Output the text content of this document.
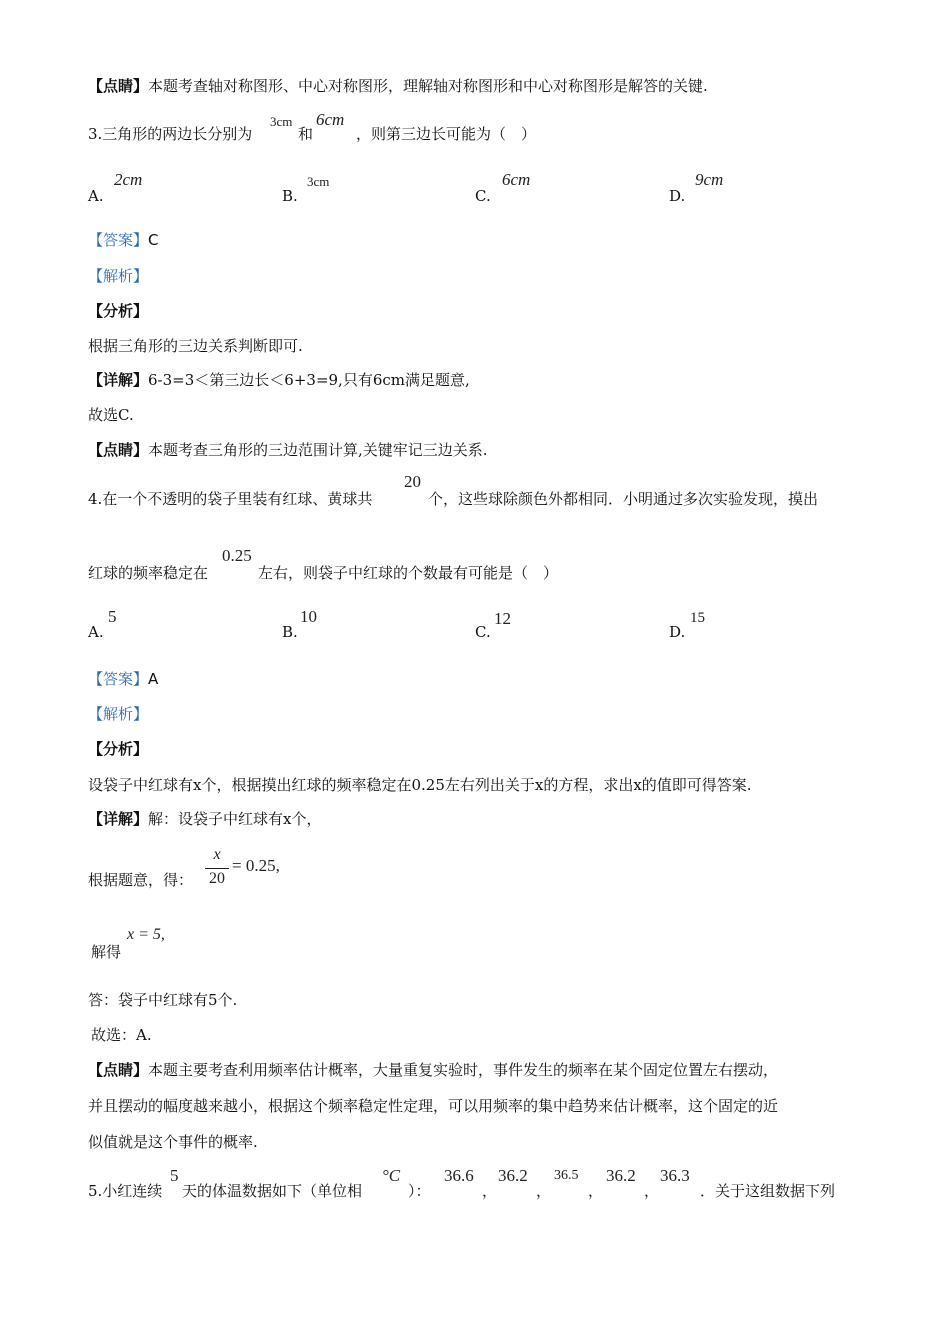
【点睛】本题考查轴对称图形、中心对称图形，理解轴对称图形和中心对称图形是解答的关键.
3.三角形的两边长分别为
3cm
和
6cm
，则第三边长可能为（　）
A.
2cm
B.
3cm
C.
6cm
D.
9cm
【答案】C
【解析】
【分析】
根据三角形的三边关系判断即可.
【详解】6-3=3＜第三边长＜6+3=9,只有6cm满足题意,
故选C.
【点睛】本题考查三角形的三边范围计算,关键牢记三边关系.
4.在一个不透明的袋子里装有红球、黄球共
20
个，这些球除颜色外都相同．小明通过多次实验发现，摸出
红球的频率稳定在
0.25
左右，则袋子中红球的个数最有可能是（　）
A.
5
B.
10
C.
12
D.
15
【答案】A
【解析】
【分析】
设袋子中红球有x个，根据摸出红球的频率稳定在0.25左右列出关于x的方程，求出x的值即可得答案.
【详解】解：设袋子中红球有x个，
根据题意，得：
x
20
= 0.25,
解得
x = 5,
答：袋子中红球有5个.
故选：A.
【点睛】本题主要考查利用频率估计概率，大量重复实验时，事件发生的频率在某个固定位置左右摆动，
并且摆动的幅度越来越小，根据这个频率稳定性定理，可以用频率的集中趋势来估计概率，这个固定的近
似值就是这个事件的概率.
5.小红连续
5
天的体温数据如下（单位相
°C
）：
36.6
，
36.2
，
36.5
，
36.2
，
36.3
．关于这组数据下列
